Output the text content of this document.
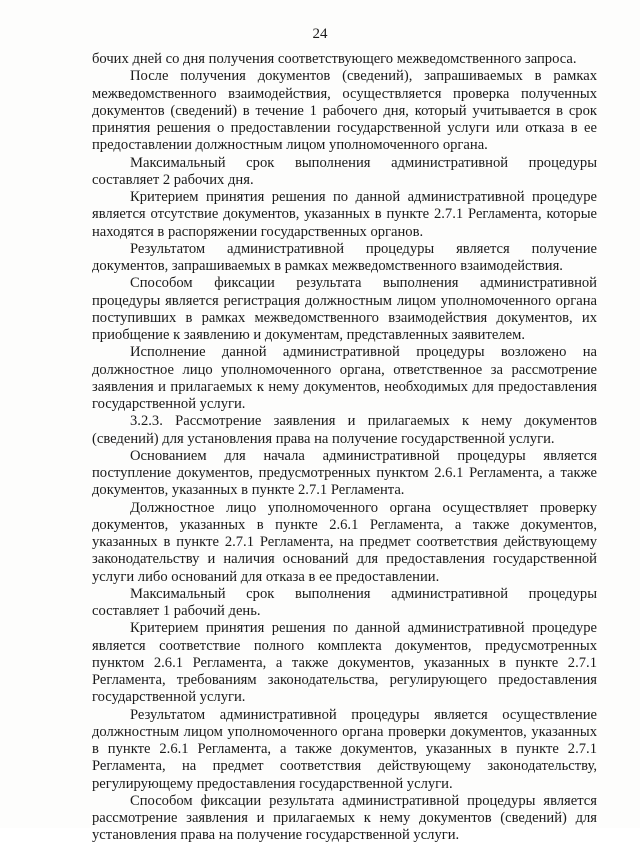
24

бочих дней со дня получения соответствующего межведомственного запроса.

После получения документов (сведений), запрашиваемых в рамках межведомственного взаимодействия, осуществляется проверка полученных документов (сведений) в течение 1 рабочего дня, который учитывается в срок принятия решения о предоставлении государственной услуги или отказа в ее предоставлении должностным лицом уполномоченного органа.

Максимальный срок выполнения административной процедуры составляет 2 рабочих дня.

Критерием принятия решения по данной административной процедуре является отсутствие документов, указанных в пункте 2.7.1 Регламента, которые находятся в распоряжении государственных органов.

Результатом административной процедуры является получение документов, запрашиваемых в рамках межведомственного взаимодействия.

Способом фиксации результата выполнения административной процедуры является регистрация должностным лицом уполномоченного органа поступивших в рамках межведомственного взаимодействия документов, их приобщение к заявлению и документам, представленных заявителем.

Исполнение данной административной процедуры возложено на должностное лицо уполномоченного органа, ответственное за рассмотрение заявления и прилагаемых к нему документов, необходимых для предоставления государственной услуги.

3.2.3. Рассмотрение заявления и прилагаемых к нему документов (сведений) для установления права на получение государственной услуги.

Основанием для начала административной процедуры является поступление документов, предусмотренных пунктом 2.6.1 Регламента, а также документов, указанных в пункте 2.7.1 Регламента.

Должностное лицо уполномоченного органа осуществляет проверку документов, указанных в пункте 2.6.1 Регламента, а также документов, указанных в пункте 2.7.1 Регламента, на предмет соответствия действующему законодательству и наличия оснований для предоставления государственной услуги либо оснований для отказа в ее предоставлении.

Максимальный срок выполнения административной процедуры составляет 1 рабочий день.

Критерием принятия решения по данной административной процедуре является соответствие полного комплекта документов, предусмотренных пунктом 2.6.1 Регламента, а также документов, указанных в пункте 2.7.1 Регламента, требованиям законодательства, регулирующего предоставления государственной услуги.

Результатом административной процедуры является осуществление должностным лицом уполномоченного органа проверки документов, указанных в пункте 2.6.1 Регламента, а также документов, указанных в пункте 2.7.1 Регламента, на предмет соответствия действующему законодательству, регулирующему предоставления государственной услуги.

Способом фиксации результата административной процедуры является рассмотрение заявления и прилагаемых к нему документов (сведений) для установления права на получение государственной услуги.
